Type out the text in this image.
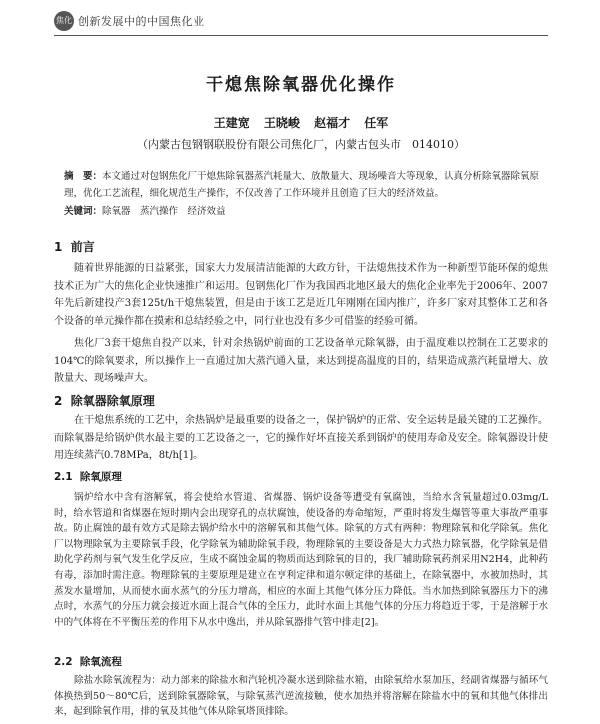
焦化 创新发展中的中国焦化业
干熄焦除氧器优化操作
王建宽 王晓峻 赵福才 任军
（内蒙古包钢钢联股份有限公司焦化厂，内蒙古包头市　014010）
摘　要：本文通过对包钢焦化厂干熄焦除氧器蒸汽耗量大、放散量大、现场噪音大等现象，认真分析除氧器除氧原理，优化工艺流程，细化规范生产操作，不仅改善了工作环境并且创造了巨大的经济效益。
关键词：除氧器　蒸汽操作　经济效益
1 前言

随着世界能源的日益紧张，国家大力发展清洁能源的大政方针，干法熄焦技术作为一种新型节能环保的熄焦技术正为广大的焦化企业快速推广和运用。包钢焦化厂作为我国西北地区最大的焦化企业率先于2006年、2007年先后新建投产3套125t/h干熄焦装置，但是由于该工艺是近几年刚刚在国内推广，许多厂家对其整体工艺和各个设备的单元操作都在摸索和总结经验之中，同行业也没有多少可借鉴的经验可循。

焦化厂3套干熄焦自投产以来，针对余热锅炉前面的工艺设备单元除氧器，由于温度难以控制在工艺要求的104℃的除氧要求，所以操作上一直通过加大蒸汽通入量，来达到提高温度的目的，结果造成蒸汽耗量增大、放散量大、现场噪声大。

2 除氧器除氧原理

在干熄焦系统的工艺中，余热锅炉是最重要的设备之一，保护锅炉的正常、安全运转是最关键的工艺操作。而除氧器是给锅炉供水最主要的工艺设备之一，它的操作好坏直接关系到锅炉的使用寿命及安全。除氧器设计使用连续蒸汽0.78MPa，8t/h[1]。

2.1 除氧原理

锅炉给水中含有溶解氧，将会使给水管道、省煤器、锅炉设备等遭受有氧腐蚀，当给水含氧量超过0.03mg/L时，给水管道和省煤器在短时期内会出现穿孔的点状腐蚀，使设备的寿命缩短，严重时将发生爆管等重大事故严重事故。防止腐蚀的最有效方式是除去锅炉给水中的溶解氧和其他气体。除氧的方式有两种：物理除氧和化学除氧。焦化厂以物理除氧为主要除氧手段，化学除氧为辅助除氧手段，物理除氧的主要设备是大力式热力除氧器，化学除氧是借助化学药剂与氧气发生化学反应，生成不腐蚀金属的物质而达到除氧的目的，我厂辅助除氧药剂采用N2H4，此种药有毒，添加时需注意。物理除氧的主要原理是建立在亨利定律和道尔顿定律的基础上，在除氧器中，水被加热时，其蒸发水量增加，从而使水面水蒸气的分压力增高，相应的水面上其他气体分压力降低。当水加热到除氧器压力下的沸点时，水蒸气的分压力就会接近水面上混合气体的全压力，此时水面上其他气体的分压力将趋近于零，于是溶解于水中的气体将在不平衡压差的作用下从水中逸出，并从除氧器排气管中排走[2]。

2.2 除氧流程

除盐水除氧流程为：动力部来的除盐水和汽轮机冷凝水送到除盐水箱，由除氧给水泵加压，经副省煤器与循环气体换热到50～80℃后，送到除氧器除氧，与除氧蒸汽逆流接触，使水加热并将溶解在除盐水中的氧和其他气体排出来，起到除氧作用，排的氧及其他气体从除氧塔顶排除。
